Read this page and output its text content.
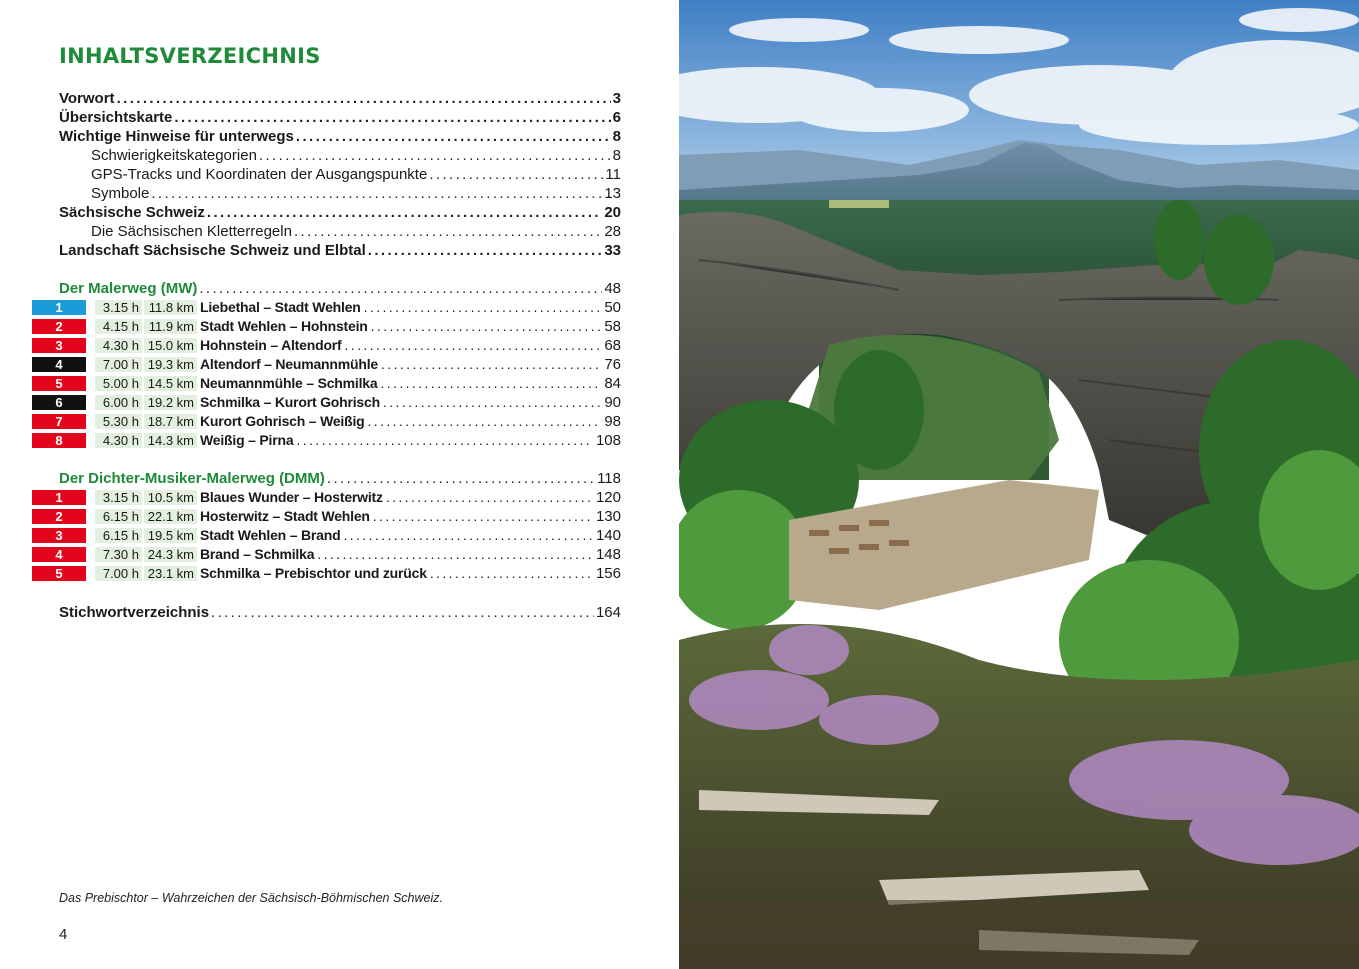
INHALTSVERZEICHNIS
Vorwort .....	3
Übersichtskarte .....	6
Wichtige Hinweise für unterwegs .....	8
Schwierigkeitskategorien .....	8
GPS-Tracks und Koordinaten der Ausgangspunkte .....	11
Symbole .....	13
Sächsische Schweiz .....	20
Die Sächsischen Kletterregeln .....	28
Landschaft Sächsische Schweiz und Elbtal .....	33
Der Malerweg (MW) .....	48
1	3.15 h 11.8 km Liebethal – Stadt Wehlen .....	50
2	4.15 h 11.9 km Stadt Wehlen – Hohnstein .....	58
3	4.30 h 15.0 km Hohnstein – Altendorf .....	68
4	7.00 h 19.3 km Altendorf – Neumannmühle .....	76
5	5.00 h 14.5 km Neumannmühle – Schmilka .....	84
6	6.00 h 19.2 km Schmilka – Kurort Gohrisch .....	90
7	5.30 h 18.7 km Kurort Gohrisch – Weißig .....	98
8	4.30 h 14.3 km Weißig – Pirna .....	108
Der Dichter-Musiker-Malerweg (DMM) .....	118
1	3.15 h 10.5 km Blaues Wunder – Hosterwitz .....	120
2	6.15 h 22.1 km Hosterwitz – Stadt Wehlen .....	130
3	6.15 h 19.5 km Stadt Wehlen – Brand .....	140
4	7.30 h 24.3 km Brand – Schmilka .....	148
5	7.00 h 23.1 km Schmilka – Prebischtor und zurück .....	156
Stichwortverzeichnis .....	164
Das Prebischtor – Wahrzeichen der Sächsisch-Böhmischen Schweiz.
4
